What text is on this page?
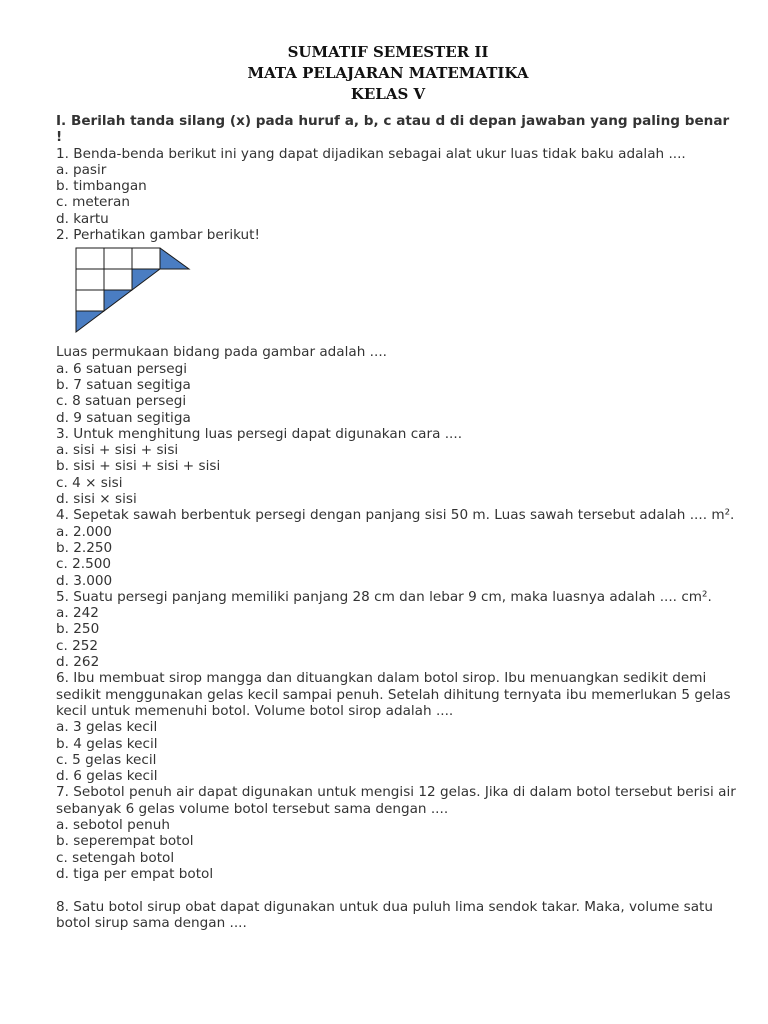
SUMATIF SEMESTER II
MATA PELAJARAN MATEMATIKA
KELAS V

I. Berilah tanda silang (x) pada huruf a, b, c atau d di depan jawaban yang paling benar !

1. Benda-benda berikut ini yang dapat dijadikan sebagai alat ukur luas tidak baku adalah ....

a. pasir

b. timbangan

c. meteran

d. kartu

2. Perhatikan gambar berikut!

Luas permukaan bidang pada gambar adalah ....

a. 6 satuan persegi

b. 7 satuan segitiga

c. 8 satuan persegi

d. 9 satuan segitiga

3. Untuk menghitung luas persegi dapat digunakan cara ....

a. sisi + sisi + sisi

b. sisi + sisi + sisi + sisi

c. 4 × sisi

d. sisi × sisi

4. Sepetak sawah berbentuk persegi dengan panjang sisi 50 m. Luas sawah tersebut adalah .... m².

a. 2.000

b. 2.250

c. 2.500

d. 3.000

5. Suatu persegi panjang memiliki panjang 28 cm dan lebar 9 cm, maka luasnya adalah .... cm².

a. 242

b. 250

c. 252

d. 262

6. Ibu membuat sirop mangga dan dituangkan dalam botol sirop. Ibu menuangkan sedikit demi sedikit menggunakan gelas kecil sampai penuh. Setelah dihitung ternyata ibu memerlukan 5 gelas kecil untuk memenuhi botol. Volume botol sirop adalah ....

a. 3 gelas kecil

b. 4 gelas kecil

c. 5 gelas kecil

d. 6 gelas kecil

7. Sebotol penuh air dapat digunakan untuk mengisi 12 gelas. Jika di dalam botol tersebut berisi air sebanyak 6 gelas volume botol tersebut sama dengan ....

a. sebotol penuh

b. seperempat botol

c. setengah botol

d. tiga per empat botol

8. Satu botol sirup obat dapat digunakan untuk dua puluh lima sendok takar. Maka, volume satu botol sirup sama dengan ....
